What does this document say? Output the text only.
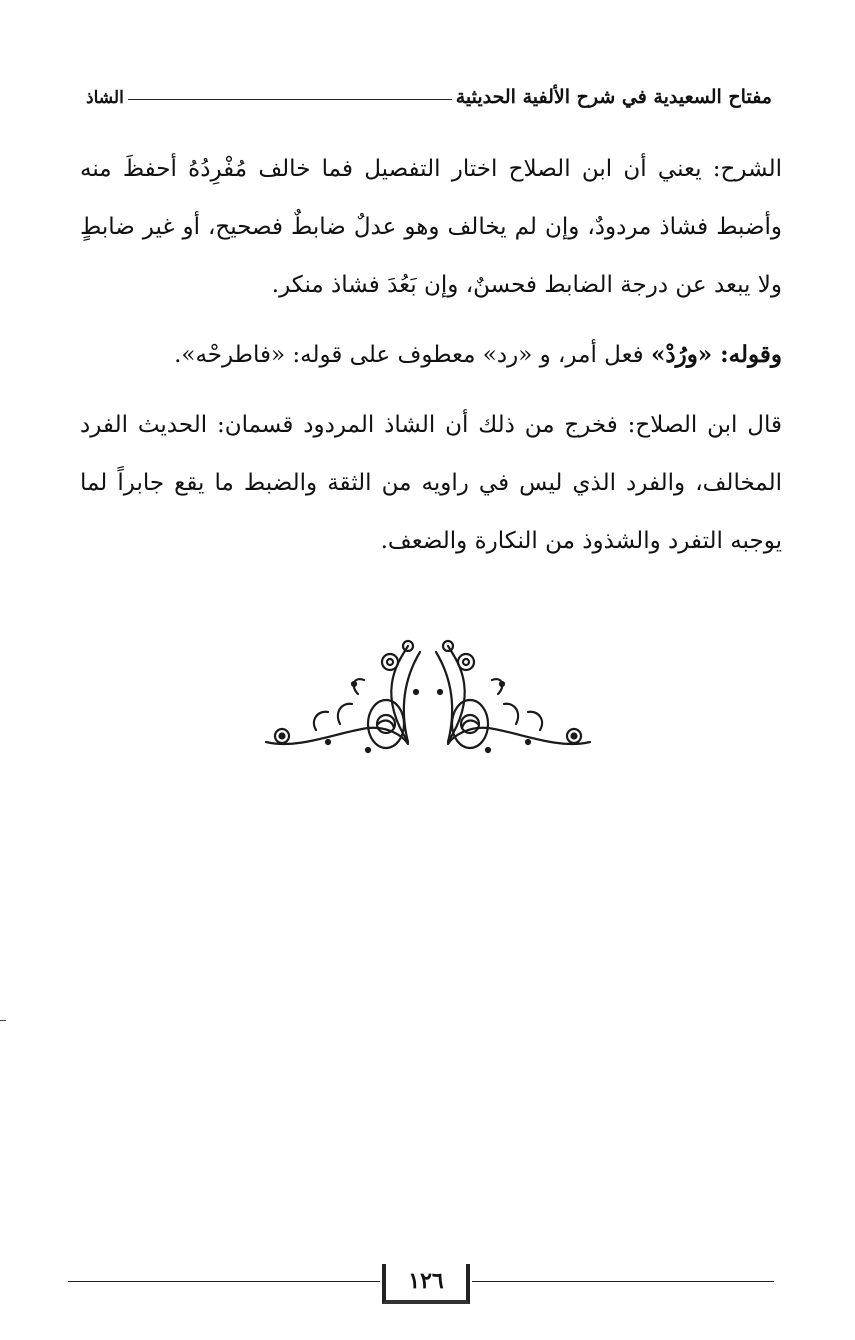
مفتاح السعيدية في شرح الألفية الحديثية
الشاذ

الشرح: يعني أن ابن الصلاح اختار التفصيل فما خالف مُفْرِدُهُ أحفظَ منه وأضبط فشاذ مردودٌ، وإن لم يخالف وهو عدلٌ ضابطٌ فصحيح، أو غير ضابطٍ ولا يبعد عن درجة الضابط فحسنٌ، وإن بَعُدَ فشاذ منكر.

وقوله: «ورُدْ» فعل أمر، و «رد» معطوف على قوله: «فاطرحْه».

قال ابن الصلاح: فخرج من ذلك أن الشاذ المردود قسمان: الحديث الفرد المخالف، والفرد الذي ليس في راويه من الثقة والضبط ما يقع جابراً لما يوجبه التفرد والشذوذ من النكارة والضعف.

١٢٦
